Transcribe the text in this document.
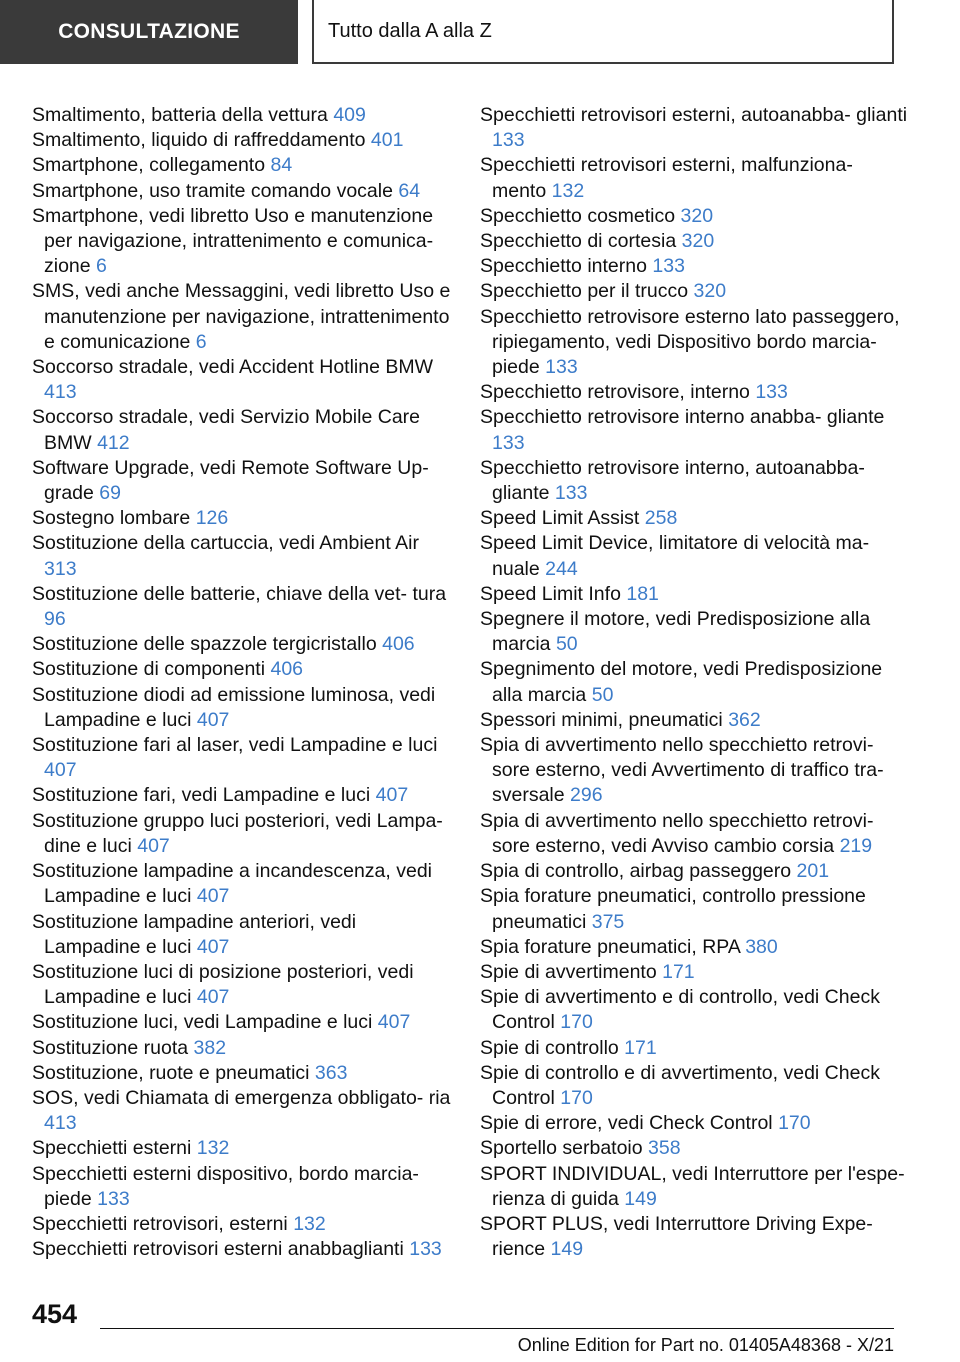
CONSULTAZIONE	Tutto dalla A alla Z
Smaltimento, batteria della vettura 409
Smaltimento, liquido di raffreddamento 401
Smartphone, collegamento 84
Smartphone, uso tramite comando vocale 64
Smartphone, vedi libretto Uso e manutenzione per navigazione, intrattenimento e comunica‐ zione 6
SMS, vedi anche Messaggini, vedi libretto Uso e manutenzione per navigazione, intrattenimento e comunicazione 6
Soccorso stradale, vedi Accident Hotline BMW 413
Soccorso stradale, vedi Servizio Mobile Care BMW 412
Software Upgrade, vedi Remote Software Up‐ grade 69
Sostegno lombare 126
Sostituzione della cartuccia, vedi Ambient Air 313
Sostituzione delle batterie, chiave della vet‐ tura 96
Sostituzione delle spazzole tergicristallo 406
Sostituzione di componenti 406
Sostituzione diodi ad emissione luminosa, vedi Lampadine e luci 407
Sostituzione fari al laser, vedi Lampadine e luci 407
Sostituzione fari, vedi Lampadine e luci 407
Sostituzione gruppo luci posteriori, vedi Lampa‐ dine e luci 407
Sostituzione lampadine a incandescenza, vedi Lampadine e luci 407
Sostituzione lampadine anteriori, vedi Lampadine e luci 407
Sostituzione luci di posizione posteriori, vedi Lampadine e luci 407
Sostituzione luci, vedi Lampadine e luci 407
Sostituzione ruota 382
Sostituzione, ruote e pneumatici 363
SOS, vedi Chiamata di emergenza obbligato‐ ria 413
Specchietti esterni 132
Specchietti esterni dispositivo, bordo marcia‐ piede 133
Specchietti retrovisori, esterni 132
Specchietti retrovisori esterni anabbaglianti 133
Specchietti retrovisori esterni, autoanabba‐ glianti 133
Specchietti retrovisori esterni, malfunziona‐ mento 132
Specchietto cosmetico 320
Specchietto di cortesia 320
Specchietto interno 133
Specchietto per il trucco 320
Specchietto retrovisore esterno lato passeggero, ripiegamento, vedi Dispositivo bordo marcia‐ piede 133
Specchietto retrovisore, interno 133
Specchietto retrovisore interno anabba‐ gliante 133
Specchietto retrovisore interno, autoanabba‐ gliante 133
Speed Limit Assist 258
Speed Limit Device, limitatore di velocità ma‐ nuale 244
Speed Limit Info 181
Spegnere il motore, vedi Predisposizione alla marcia 50
Spegnimento del motore, vedi Predisposizione alla marcia 50
Spessori minimi, pneumatici 362
Spia di avvertimento nello specchietto retrovi‐ sore esterno, vedi Avvertimento di traffico tra‐ sversale 296
Spia di avvertimento nello specchietto retrovi‐ sore esterno, vedi Avviso cambio corsia 219
Spia di controllo, airbag passeggero 201
Spia forature pneumatici, controllo pressione pneumatici 375
Spia forature pneumatici, RPA 380
Spie di avvertimento 171
Spie di avvertimento e di controllo, vedi Check Control 170
Spie di controllo 171
Spie di controllo e di avvertimento, vedi Check Control 170
Spie di errore, vedi Check Control 170
Sportello serbatoio 358
SPORT INDIVIDUAL, vedi Interruttore per l'espe‐ rienza di guida 149
SPORT PLUS, vedi Interruttore Driving Expe‐ rience 149
454
Online Edition for Part no. 01405A48368 - X/21
